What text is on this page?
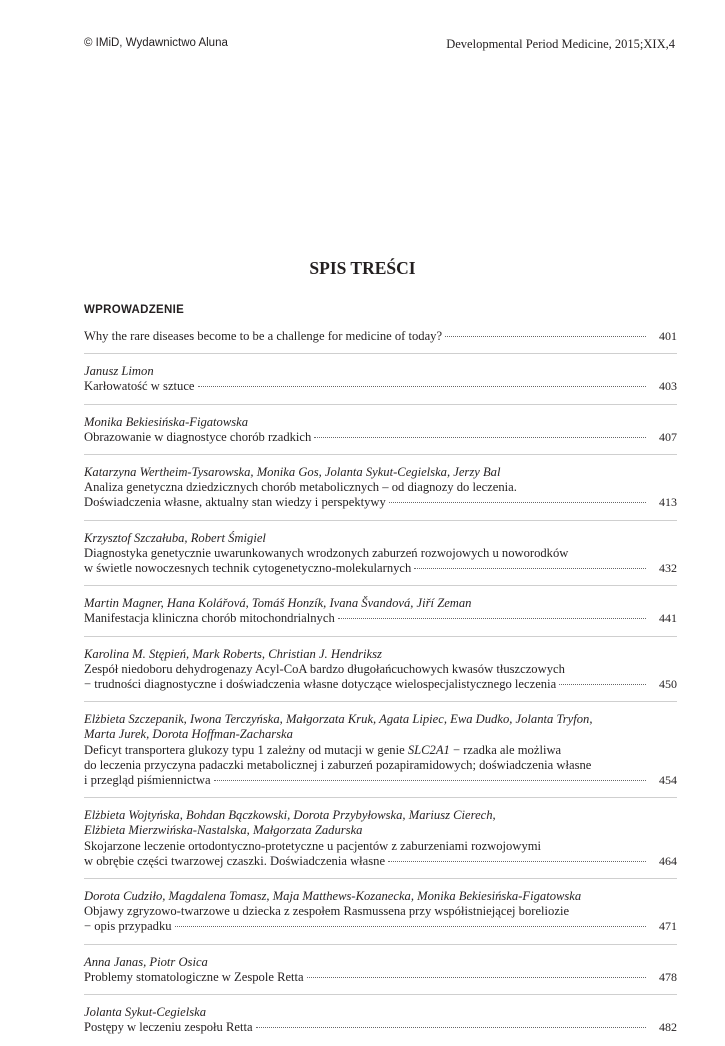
© IMiD, Wydawnictwo Aluna	Developmental Period Medicine, 2015;XIX,4
SPIS TREŚCI
WPROWADZENIE
Why the rare diseases become to be a challenge for medicine of today?	401
Janusz Limon
Karłowatość w sztuce	403
Monika Bekiesińska-Figatowska
Obrazowanie w diagnostyce chorób rzadkich	407
Katarzyna Wertheim-Tysarowska, Monika Gos, Jolanta Sykut-Cegielska, Jerzy Bal
Analiza genetyczna dziedzicznych chorób metabolicznych – od diagnozy do leczenia.
Doświadczenia własne, aktualny stan wiedzy i perspektywy	413
Krzysztof Szczałuba, Robert Śmigiel
Diagnostyka genetycznie uwarunkowanych wrodzonych zaburzeń rozwojowych u noworodków
w świetle nowoczesnych technik cytogenetyczno-molekularnych	432
Martin Magner, Hana Kolářová, Tomáš Honzík, Ivana Švandová, Jiří Zeman
Manifestacja kliniczna chorób mitochondrialnych	441
Karolina M. Stępień, Mark Roberts, Christian J. Hendriksz
Zespół niedoboru dehydrogenazy Acyl-CoA bardzo długołańcuchowych kwasów tłuszczowych
− trudności diagnostyczne i doświadczenia własne dotyczące wielospecjalistycznego leczenia	450
Elżbieta Szczepanik, Iwona Terczyńska, Małgorzata Kruk, Agata Lipiec, Ewa Dudko, Jolanta Tryfon,
Marta Jurek, Dorota Hoffman-Zacharska
Deficyt transportera glukozy typu 1 zależny od mutacji w genie SLC2A1 − rzadka ale możliwa
do leczenia przyczyna padaczki metabolicznej i zaburzeń pozapiramidowych; doświadczenia własne
i przegląd piśmiennictwa	454
Elżbieta Wojtyńska, Bohdan Bączkowski, Dorota Przybyłowska, Mariusz Cierech,
Elżbieta Mierzwińska-Nastalska, Małgorzata Zadurska
Skojarzone leczenie ortodontyczno-protetyczne u pacjentów z zaburzeniami rozwojowymi
w obrębie części twarzowej czaszki. Doświadczenia własne	464
Dorota Cudziło, Magdalena Tomasz, Maja Matthews-Kozanecka, Monika Bekiesińska-Figatowska
Objawy zgryzowo-twarzowe u dziecka z zespołem Rasmussena przy współistniejącej boreliozie
− opis przypadku	471
Anna Janas, Piotr Osica
Problemy stomatologiczne w Zespole Retta	478
Jolanta Sykut-Cegielska
Postępy w leczeniu zespołu Retta	482
